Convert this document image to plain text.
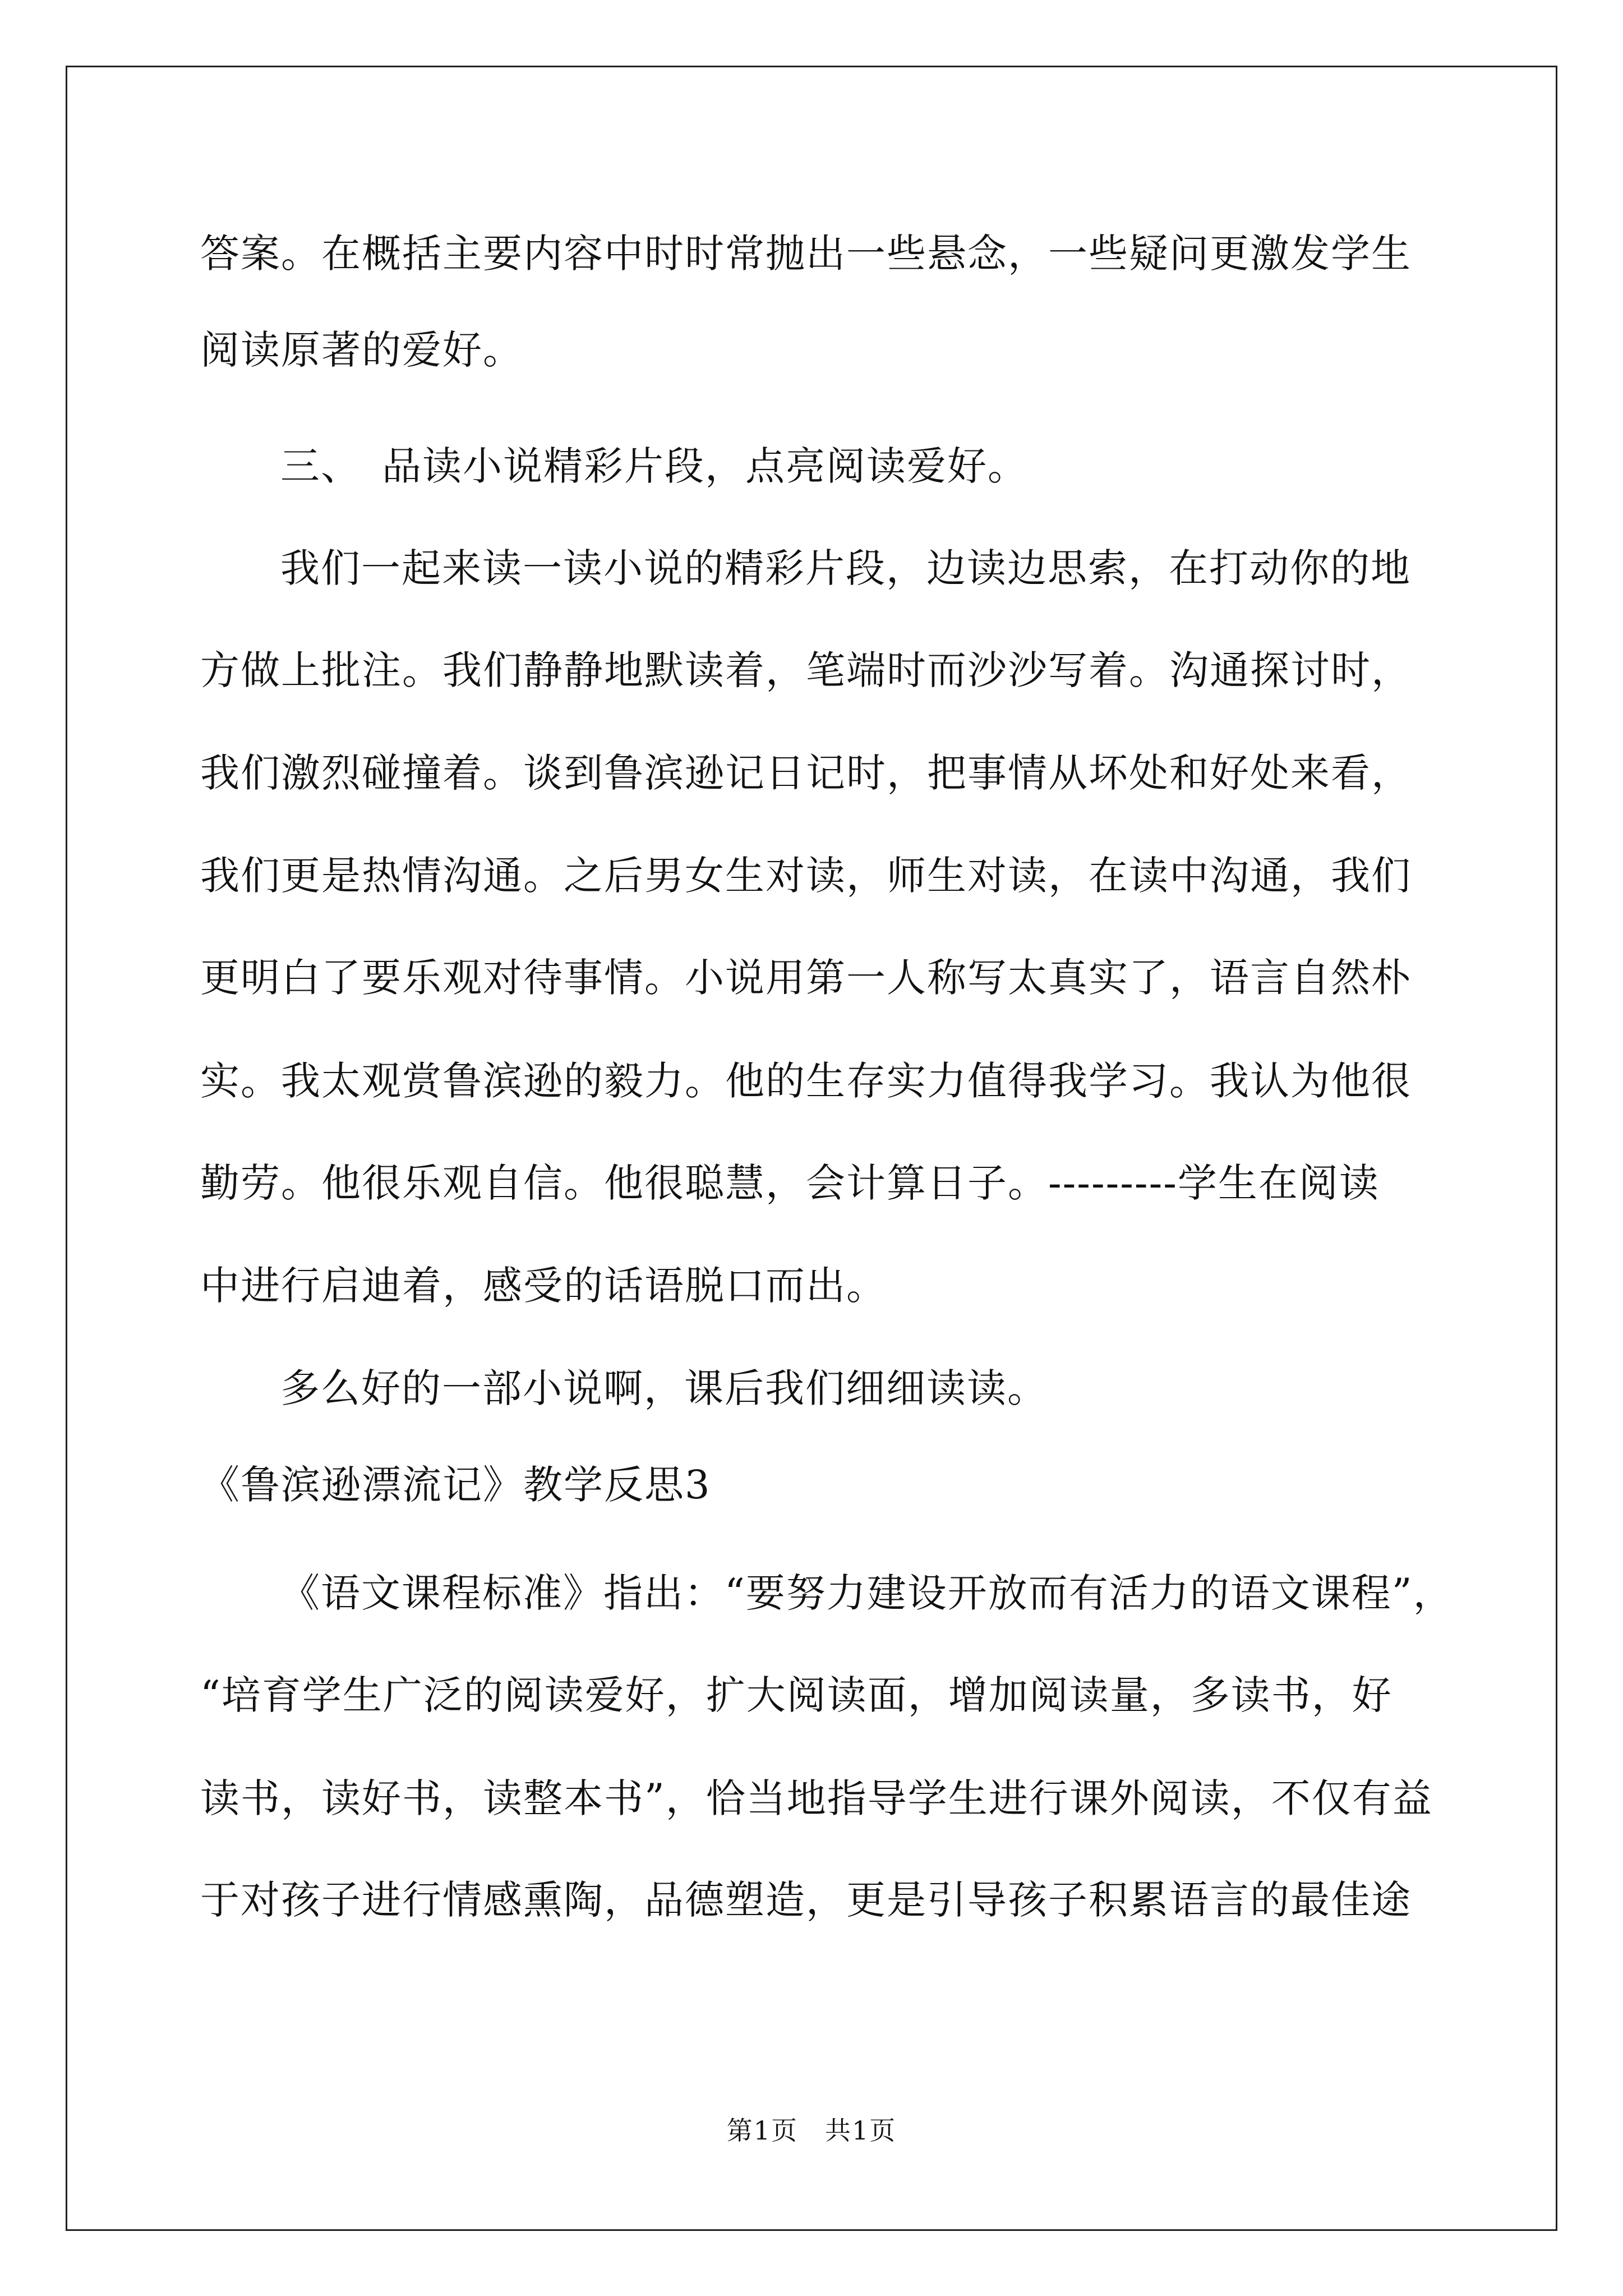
答案。在概括主要内容中时时常抛出一些悬念，一些疑问更激发学生
阅读原著的爱好。
三、　品读小说精彩片段，点亮阅读爱好。
我们一起来读一读小说的精彩片段，边读边思索，在打动你的地
方做上批注。我们静静地默读着，笔端时而沙沙写着。沟通探讨时，
我们激烈碰撞着。谈到鲁滨逊记日记时，把事情从坏处和好处来看，
我们更是热情沟通。之后男女生对读，师生对读，在读中沟通，我们
更明白了要乐观对待事情。小说用第一人称写太真实了，语言自然朴
实。我太观赏鲁滨逊的毅力。他的生存实力值得我学习。我认为他很
勤劳。他很乐观自信。他很聪慧，会计算日子。---------学生在阅读
中进行启迪着，感受的话语脱口而出。
多么好的一部小说啊，课后我们细细读读。
《鲁滨逊漂流记》教学反思3
《语文课程标准》指出：“要努力建设开放而有活力的语文课程”，
“培育学生广泛的阅读爱好，扩大阅读面，增加阅读量，多读书，好
读书，读好书，读整本书”，恰当地指导学生进行课外阅读，不仅有益
于对孩子进行情感熏陶，品德塑造，更是引导孩子积累语言的最佳途
第1页　共1页
